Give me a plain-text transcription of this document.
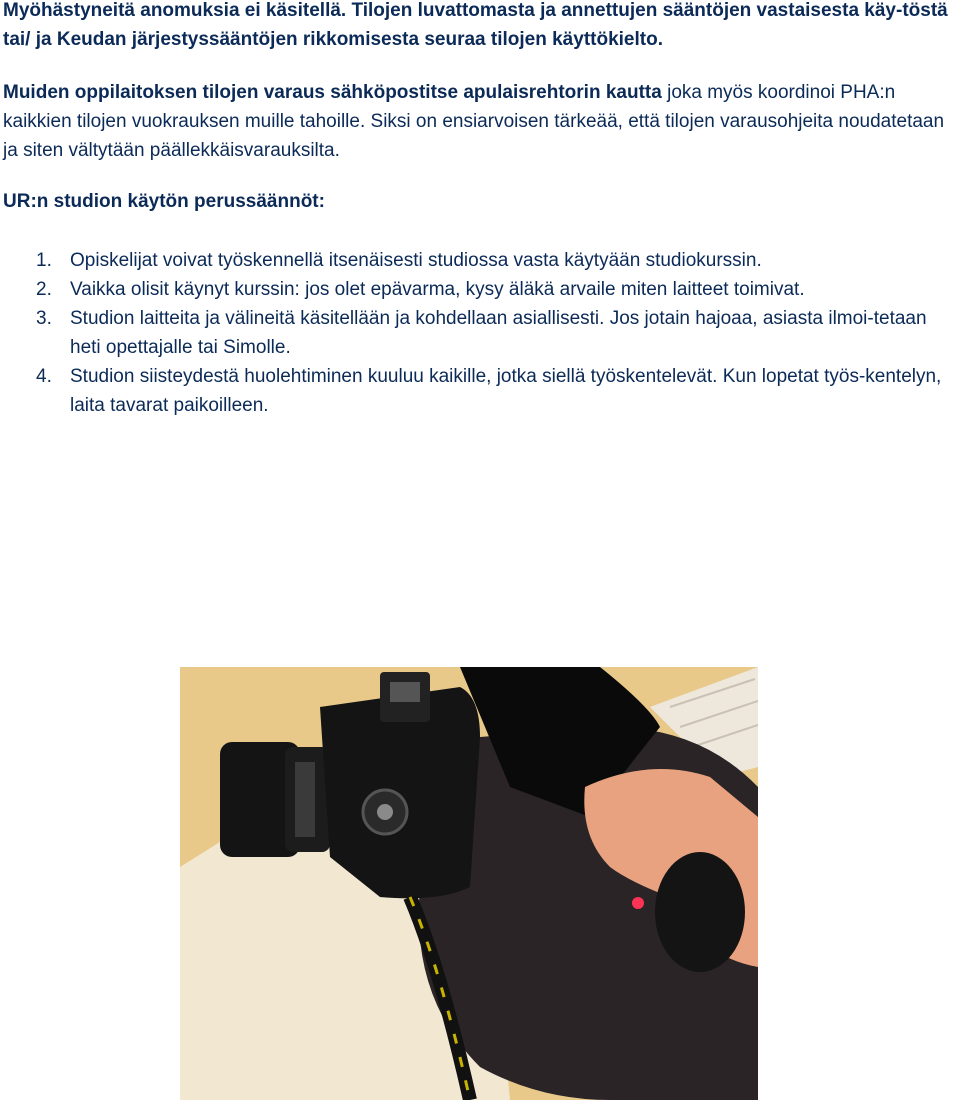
Myöhästyneitä anomuksia ei käsitellä. Tilojen luvattomasta ja annettujen sääntöjen vastaisesta käy-töstä tai/ ja Keudan järjestyssääntöjen rikkomisesta seuraa tilojen käyttökielto.

Muiden oppilaitoksen tilojen varaus sähköpostitse apulaisrehtorin kautta joka myös koordinoi PHA:n kaikkien tilojen vuokrauksen muille tahoille. Siksi on ensiarvoisen tärkeää, että tilojen varausohjeita noudatetaan ja siten vältytään päällekkäisvarauksilta.

UR:n studion käytön perussäännöt:
1. Opiskelijat voivat työskennellä itsenäisesti studiossa vasta käytyään studiokurssin.
2. Vaikka olisit käynyt kurssin: jos olet epävarma, kysy äläkä arvaile miten laitteet toimivat.
3. Studion laitteita ja välineitä käsitellään ja kohdellaan asiallisesti. Jos jotain hajoaa, asiasta ilmoi-tetaan heti opettajalle tai Simolle.
4. Studion siisteydestä huolehtiminen kuuluu kaikille, jotka siellä työskentelevät. Kun lopetat työs-kentelyn, laita tavarat paikoilleen.
